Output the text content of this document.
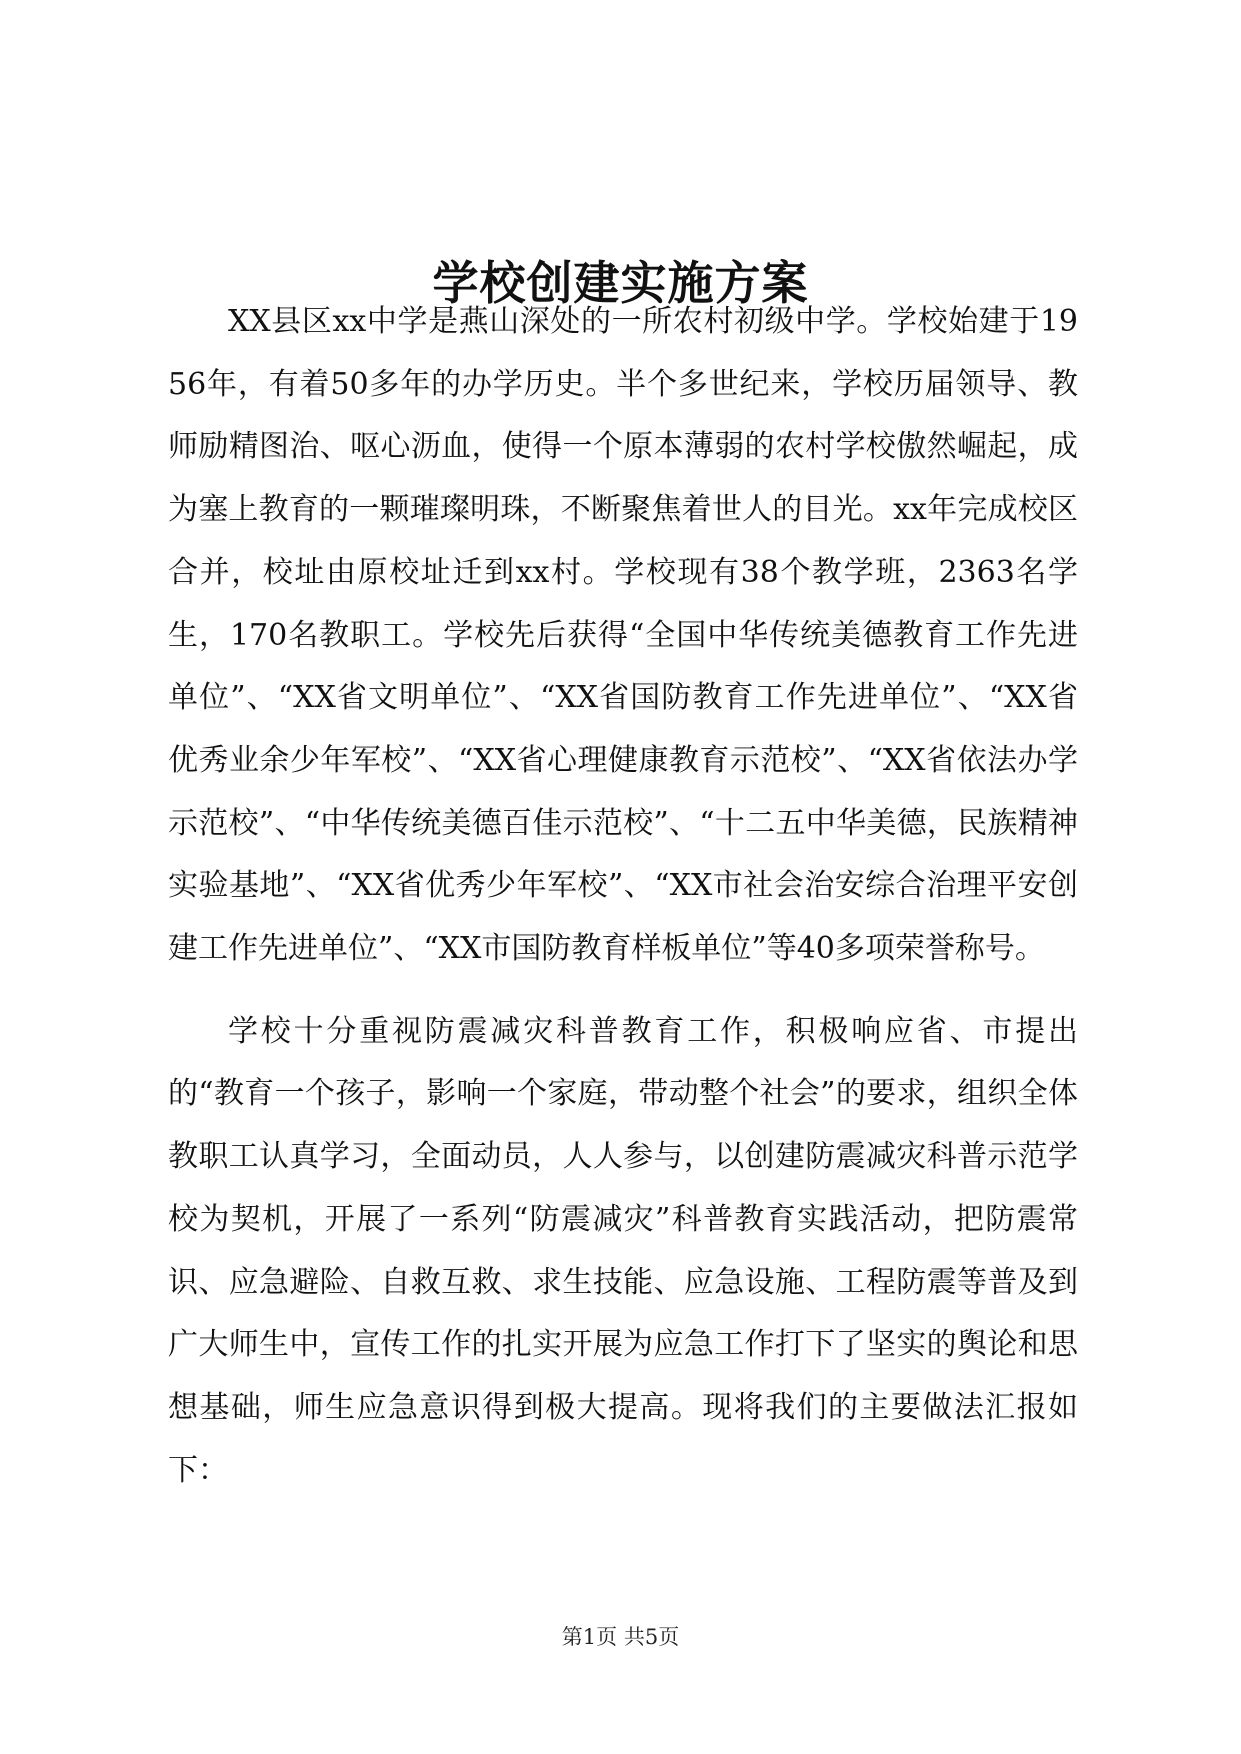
学校创建实施方案

XX县区xx中学是燕山深处的一所农村初级中学。学校始建于1956年，有着50多年的办学历史。半个多世纪来，学校历届领导、教师励精图治、呕心沥血，使得一个原本薄弱的农村学校傲然崛起，成为塞上教育的一颗璀璨明珠，不断聚焦着世人的目光。xx年完成校区合并，校址由原校址迁到xx村。学校现有38个教学班，2363名学生，170名教职工。学校先后获得“全国中华传统美德教育工作先进单位”、“XX省文明单位”、“XX省国防教育工作先进单位”、“XX省优秀业余少年军校”、“XX省心理健康教育示范校”、“XX省依法办学示范校”、“中华传统美德百佳示范校”、“十二五中华美德，民族精神实验基地”、“XX省优秀少年军校”、“XX市社会治安综合治理平安创建工作先进单位”、“XX市国防教育样板单位”等40多项荣誉称号。

学校十分重视防震减灾科普教育工作，积极响应省、市提出的“教育一个孩子，影响一个家庭，带动整个社会”的要求，组织全体教职工认真学习，全面动员，人人参与，以创建防震减灾科普示范学校为契机，开展了一系列“防震减灾”科普教育实践活动，把防震常识、应急避险、自救互救、求生技能、应急设施、工程防震等普及到广大师生中，宣传工作的扎实开展为应急工作打下了坚实的舆论和思想基础，师生应急意识得到极大提高。现将我们的主要做法汇报如下：

第1页 共5页
